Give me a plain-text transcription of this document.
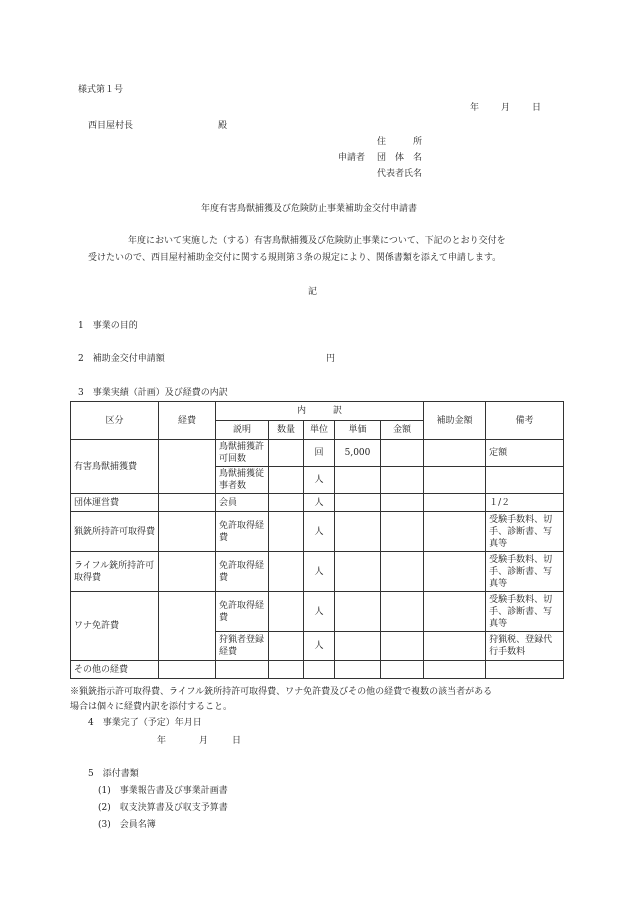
様式第１号
年 月 日
西目屋村長	殿
住　　　所
申請者 団　体　名
代表者氏名
年度有害鳥獣捕獲及び危険防止事業補助金交付申請書
年度において実施した（する）有害鳥獣捕獲及び危険防止事業について、下記のとおり交付を
受けたいので、西目屋村補助金交付に関する規則第３条の規定により、関係書類を添えて申請します。
記
1　事業の目的
2　補助金交付申請額	円
3　事業実績（計画）及び経費の内訳
区分	経費	内　　　訳					補助金額	備考
		説明	数量	単位	単価	金額		
有害鳥獣捕獲費		鳥獣捕獲許可回数		回	5,000			定額
		鳥獣捕獲従事者数		人				
団体運営費		会員		人				１/２
猟銃所持許可取得費		免許取得経費		人				受験手数料、切手、診断書、写真等
ライフル銃所持許可取得費		免許取得経費		人				受験手数料、切手、診断書、写真等
ワナ免許費		免許取得経費		人				受験手数料、切手、診断書、写真等
		狩猟者登録経費		人				狩猟税、登録代行手数料
その他の経費								
※猟銃指示許可取得費、ライフル銃所持許可取得費、ワナ免許費及びその他の経費で複数の該当者がある
場合は個々に経費内訳を添付すること。
4　事業完了（予定）年月日
年	月	日
5　添付書類
(1)　事業報告書及び事業計画書
(2)　収支決算書及び収支予算書
(3)　会員名簿
